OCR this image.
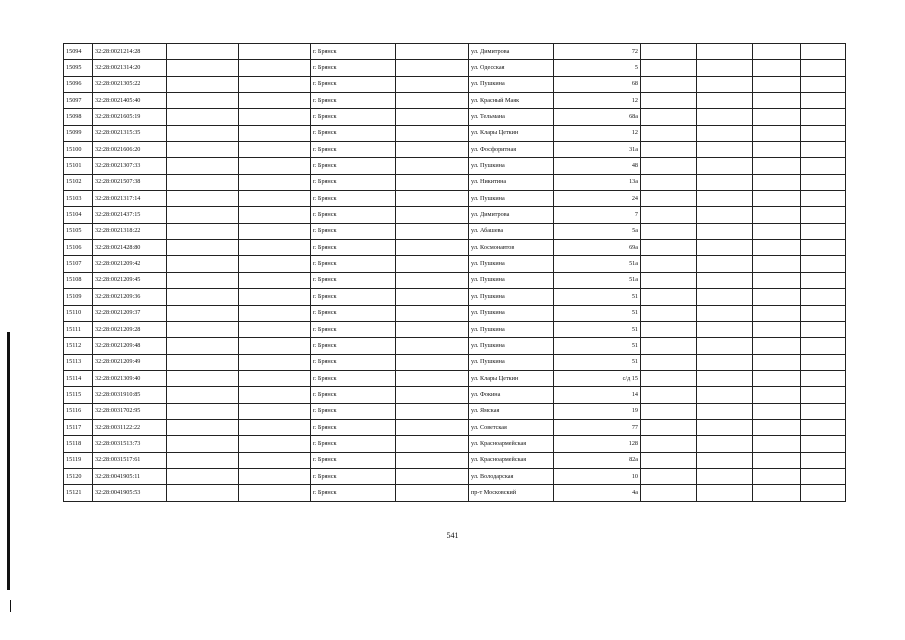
15094	32:28:0021214:28			г. Брянск		ул. Димитрова	72				
15095	32:28:0021314:20			г. Брянск		ул. Одесская	5				
15096	32:28:0021305:22			г. Брянск		ул. Пушкина	68				
15097	32:28:0021405:40			г. Брянск		ул. Красный Маяк	12				
15098	32:28:0021605:19			г. Брянск		ул. Тельмана	68а				
15099	32:28:0021315:35			г. Брянск		ул. Клары Цеткин	12				
15100	32:28:0021606:20			г. Брянск		ул. Фосфоритная	31а				
15101	32:28:0021307:33			г. Брянск		ул. Пушкина	48				
15102	32:28:0021507:38			г. Брянск		ул. Никитина	13а				
15103	32:28:0021317:14			г. Брянск		ул. Пушкина	24				
15104	32:28:0021437:15			г. Брянск		ул. Димитрова	7				
15105	32:28:0021318:22			г. Брянск		ул. Абашева	5а				
15106	32:28:0021428:80			г. Брянск		ул. Космонавтов	69а				
15107	32:28:0021209:42			г. Брянск		ул. Пушкина	51а				
15108	32:28:0021209:45			г. Брянск		ул. Пушкина	51а				
15109	32:28:0021209:36			г. Брянск		ул. Пушкина	51				
15110	32:28:0021209:37			г. Брянск		ул. Пушкина	51				
15111	32:28:0021209:28			г. Брянск		ул. Пушкина	51				
15112	32:28:0021209:48			г. Брянск		ул. Пушкина	51				
15113	32:28:0021209:49			г. Брянск		ул. Пушкина	51				
15114	32:28:0021309:40			г. Брянск		ул. Клары Цеткин	с/д 15				
15115	32:28:0031910:85			г. Брянск		ул. Фокина	14				
15116	32:28:0031702:95			г. Брянск		ул. Ямская	19				
15117	32:28:0031122:22			г. Брянск		ул. Советская	77				
15118	32:28:0031513:73			г. Брянск		ул. Красноармейская	128				
15119	32:28:0031517:61			г. Брянск		ул. Красноармейская	82а				
15120	32:28:0041905:11			г. Брянск		ул. Володарская	10				
15121	32:28:0041905:53			г. Брянск		пр-т Московский	4а				
541
